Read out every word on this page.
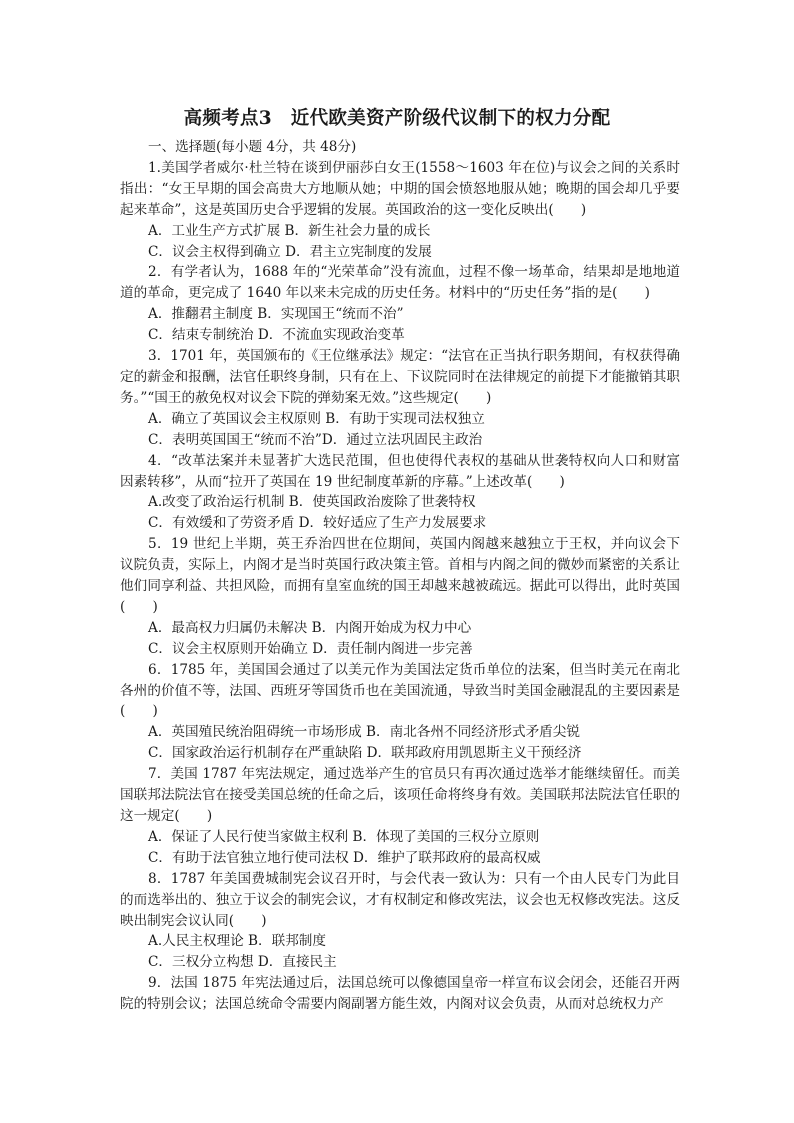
高频考点3　近代欧美资产阶级代议制下的权力分配

一、选择题(每小题 4分，共 48分)

1.美国学者威尔·杜兰特在谈到伊丽莎白女王(1558～1603 年在位)与议会之间的关系时指出：“女王早期的国会高贵大方地顺从她；中期的国会愤怒地服从她；晚期的国会却几乎要起来革命”，这是英国历史合乎逻辑的发展。英国政治的这一变化反映出(　　)

A．工业生产方式扩展 B．新生社会力量的成长

C．议会主权得到确立 D．君主立宪制度的发展

2．有学者认为，1688 年的“光荣革命”没有流血，过程不像一场革命，结果却是地地道道的革命，更完成了 1640 年以来未完成的历史任务。材料中的“历史任务”指的是(　　)

A．推翻君主制度 B．实现国王“统而不治”

C．结束专制统治 D．不流血实现政治变革

3．1701 年，英国颁布的《王位继承法》规定：“法官在正当执行职务期间，有权获得确定的薪金和报酬，法官任职终身制，只有在上、下议院同时在法律规定的前提下才能撤销其职务。”“国王的赦免权对议会下院的弹劾案无效。”这些规定(　　)

A．确立了英国议会主权原则 B．有助于实现司法权独立

C．表明英国国王“统而不治”D．通过立法巩固民主政治

4．“改革法案并未显著扩大选民范围，但也使得代表权的基础从世袭特权向人口和财富因素转移”，从而“拉开了英国在 19 世纪制度革新的序幕。”上述改革(　　)

A.改变了政治运行机制 B．使英国政治废除了世袭特权

C．有效缓和了劳资矛盾 D．较好适应了生产力发展要求

5．19 世纪上半期，英王乔治四世在位期间，英国内阁越来越独立于王权，并向议会下议院负责，实际上，内阁才是当时英国行政决策主管。首相与内阁之间的微妙而紧密的关系让他们同享利益、共担风险，而拥有皇室血统的国王却越来越被疏远。据此可以得出，此时英国(　　)

A．最高权力归属仍未解决 B．内阁开始成为权力中心

C．议会主权原则开始确立 D．责任制内阁进一步完善

6．1785 年，美国国会通过了以美元作为美国法定货币单位的法案，但当时美元在南北各州的价值不等，法国、西班牙等国货币也在美国流通，导致当时美国金融混乱的主要因素是(　　)

A．英国殖民统治阻碍统一市场形成 B．南北各州不同经济形式矛盾尖锐

C．国家政治运行机制存在严重缺陷 D．联邦政府用凯恩斯主义干预经济

7．美国 1787 年宪法规定，通过选举产生的官员只有再次通过选举才能继续留任。而美国联邦法院法官在接受美国总统的任命之后，该项任命将终身有效。美国联邦法院法官任职的这一规定(　　)

A．保证了人民行使当家做主权利 B．体现了美国的三权分立原则

C．有助于法官独立地行使司法权 D．维护了联邦政府的最高权威

8．1787 年美国费城制宪会议召开时，与会代表一致认为：只有一个由人民专门为此目的而选举出的、独立于议会的制宪会议，才有权制定和修改宪法，议会也无权修改宪法。这反映出制宪会议认同(　　)

A.人民主权理论 B．联邦制度

C．三权分立构想 D．直接民主

9．法国 1875 年宪法通过后，法国总统可以像德国皇帝一样宣布议会闭会，还能召开两院的特别会议；法国总统命令需要内阁副署方能生效，内阁对议会负责，从而对总统权力产
